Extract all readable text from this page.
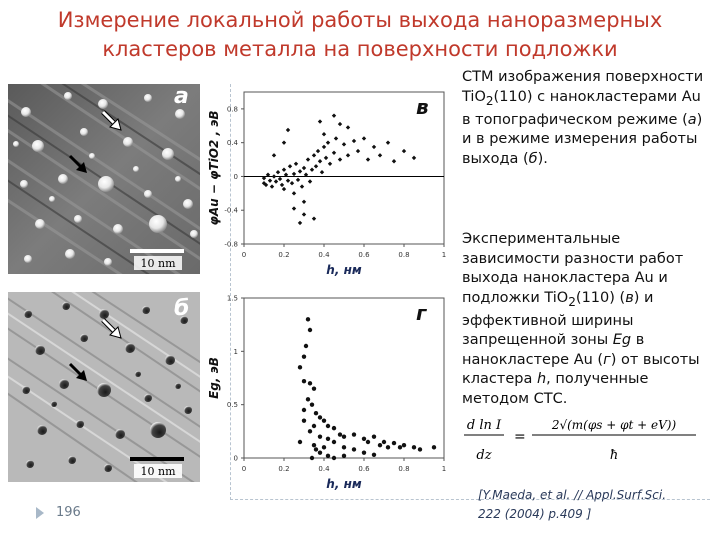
Измерение локальной работы выхода наноразмерных
кластеров металла на поверхности подложки
10 nm
а
10 nm
б
0	0.2	0.4	0.6	0.8	1
0.8
0.4
0
-0.4
-0.8
h, нм
φAu − φTiO2 , эВ
в
0	0.2	0.4	0.6	0.8	1
1.5
1
0.5
0
h, нм
Eg, эВ
г

СТМ изображения поверхности TiO$_2$(110) с нанокластерами Au в топографическом режиме (а) и в режиме измерения работы выхода (б).

Экспериментальные зависимости разности работ выхода нанокластера Au и подложки TiO$_2$(110) (в) и эффективной ширины запрещенной зоны Eg в нанокластере Au (г) от высоты кластера h, полученные методом СТС.

d ln I
dz
=
2√(m(φs + φt + eV))
ħ
[Y.Maeda, et al. // Appl.Surf.Sci.
222 (2004) p.409 ]
196
